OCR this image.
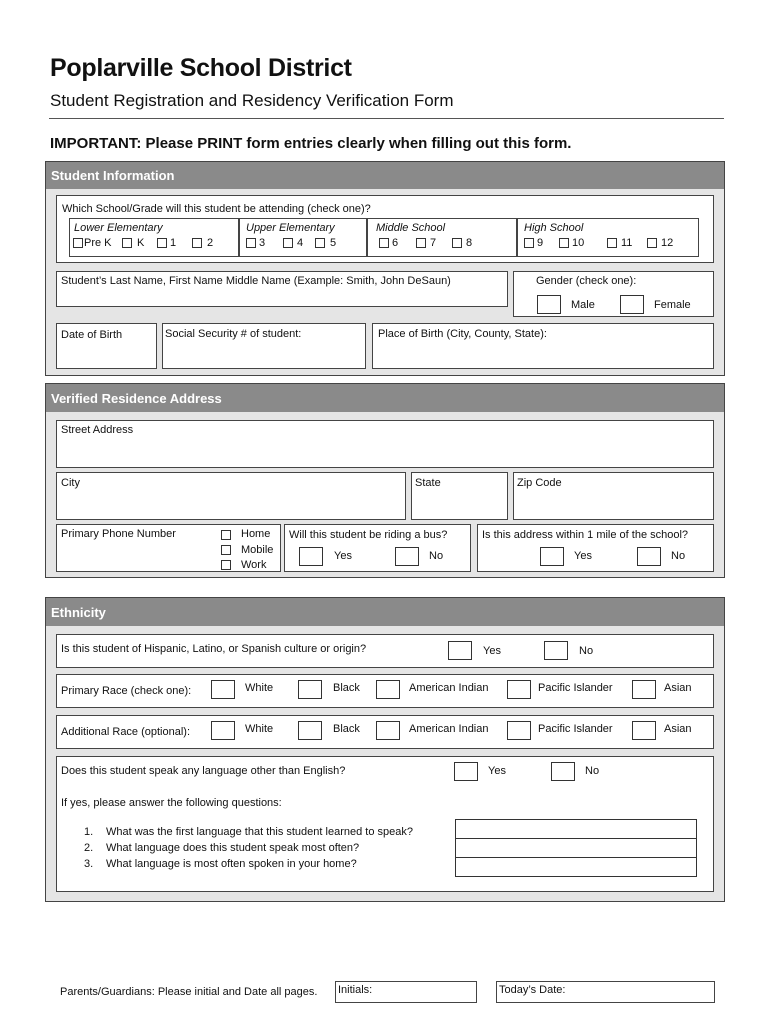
Poplarville School District
Student Registration and Residency Verification Form
IMPORTANT: Please PRINT form entries clearly when filling out this form.
Student Information
Which School/Grade will this student be attending (check one)?
Lower Elementary
Pre K K 1	2
Upper Elementary
3	4 5
Middle School
6	7	8
High School
9	10	11	12
Student’s Last Name, First Name Middle Name (Example: Smith, John DeSaun)	Gender (check one):
Male	Female
Date of Birth	Social Security # of student:	Place of Birth (City, County, State):
Verified Residence Address
Street Address
City	State	Zip Code
Primary Phone Number	Home
Mobile
Work
Will this student be riding a bus?
Yes	No
Is this address within 1 mile of the school?
Yes	No
Ethnicity
Is this student of Hispanic, Latino, or Spanish culture or origin?	Yes	No
Primary Race (check one):	White	Black	American Indian	Pacific Islander	Asian
Additional Race (optional):	White	Black	American Indian	Pacific Islander	Asian
Does this student speak any language other than English?	Yes	No
If yes, please answer the following questions:
1. What was the first language that this student learned to speak?
2. What language does this student speak most often?
3. What language is most often spoken in your home?
Parents/Guardians: Please initial and Date all pages. Initials:	Today’s Date:
